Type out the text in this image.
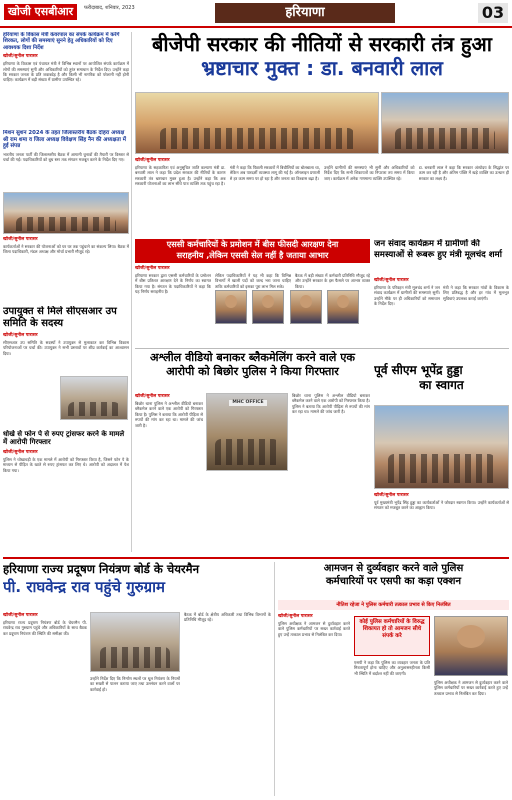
खोजी एसबीआर	फरीदाबाद, शनिवार, 2023	हरियाणा	03
हरियाणा के विकास मंत्री कंवरपाल का संपर्क कार्यक्रम में करेंगे शिरकत, लोगों की समस्याएं सुनने हेतु अधिकारियों को दिए आवश्यक दिशा निर्देश
खोजी/सुनील पाराशर
हरियाणा के विकास एवं पंचायत मंत्री ने विभिन्न स्थानों पर आयोजित संपर्क कार्यक्रम में लोगों की समस्याएं सुनीं और अधिकारियों को तुरंत समाधान के निर्देश दिए। उन्होंने कहा कि सरकार जनता के प्रति जवाबदेह है और किसी भी नागरिक को परेशानी नहीं होनी चाहिए। कार्यक्रम में बड़ी संख्या में ग्रामीण उपस्थित रहे।
मिशन सुशन 2024 के तहत जिलास्तरीय बैठक दोहरा अध्यक्ष श्री राम शमा व जिला अध्यक्ष विवेक्षण सिंह नैन की अध्यक्षता में हुई संपन्न
भारतीय जनता पार्टी की जिलास्तरीय बैठक में आगामी चुनावों की तैयारी पर विस्तार से चर्चा की गई। पदाधिकारियों को बूथ स्तर तक संगठन मजबूत करने के निर्देश दिए गए।
खोजी/सुनील पाराशर
कार्यकर्ताओं ने सरकार की योजनाओं को घर घर तक पहुंचाने का संकल्प लिया। बैठक में जिला पदाधिकारी, मंडल अध्यक्ष और मोर्चा प्रभारी मौजूद रहे।
उपायुक्त से मिले सीएसआर उप समिति के सदस्य
खोजी/सुनील पाराशर
सीएसआर उप समिति के सदस्यों ने उपायुक्त से मुलाकात कर विभिन्न विकास परियोजनाओं पर चर्चा की। उपायुक्त ने सभी प्रस्तावों पर शीघ्र कार्रवाई का आश्वासन दिया।
धोखे से फोन पे से रुपए ट्रांसफर करने के मामले में आरोपी गिरफ्तार
खोजी/सुनील पाराशर
पुलिस ने धोखाधड़ी के एक मामले में आरोपी को गिरफ्तार किया है, जिसने फोन पे के माध्यम से पीड़ित के खाते से रुपए ट्रांसफर कर लिए थे। आरोपी को अदालत में पेश किया गया।
बीजेपी सरकार की नीतियों से सरकारी तंत्र हुआ
भ्रष्टाचार मुक्त : डा. बनवारी लाल
खोजी/सुनील पाराशर
हरियाणा के सहकारिता एवं अनुसूचित जाति कल्याण मंत्री डा. बनवारी लाल ने कहा कि प्रदेश सरकार की नीतियों के कारण सरकारी तंत्र भ्रष्टाचार मुक्त हुआ है। उन्होंने कहा कि अब सरकारी योजनाओं का लाभ सीधे पात्र व्यक्ति तक पहुंच रहा है।
मंत्री ने कहा कि पिछली सरकारों में बिचौलियों का बोलबाला था, लेकिन अब पारदर्शी व्यवस्था लागू की गई है। ऑनलाइन प्रणाली से हर काम समय पर हो रहा है और जनता का विश्वास बढ़ा है।
उन्होंने ग्रामीणों की समस्याएं भी सुनीं और अधिकारियों को निर्देश दिए कि सभी शिकायतों का निपटारा तय समय में किया जाए। कार्यक्रम में अनेक गणमान्य व्यक्ति उपस्थित रहे।
डा. बनवारी लाल ने कहा कि सरकार अंत्योदय के सिद्धांत पर काम कर रही है और अंतिम पंक्ति में खड़े व्यक्ति का उत्थान ही सरकार का लक्ष्य है।
एससी कर्मचारियों के प्रमोशन में बीस फीसदी आरक्षण देना
सराहनीय ,लेकिन एससी सेल नहीं है जताया आभार
खोजी/सुनील पाराशर
हरियाणा सरकार द्वारा एससी कर्मचारियों के प्रमोशन में बीस प्रतिशत आरक्षण देने के निर्णय का स्वागत किया गया है। संगठन के पदाधिकारियों ने कहा कि यह निर्णय सराहनीय है।
लेकिन पदाधिकारियों ने यह भी कहा कि विभिन्न विभागों में खाली पदों को जल्द भरा जाना चाहिए ताकि कर्मचारियों को इसका पूरा लाभ मिल सके।
बैठक में बड़ी संख्या में कर्मचारी प्रतिनिधि मौजूद रहे और उन्होंने सरकार के इस फैसले पर आभार व्यक्त किया।
जन संवाद कार्यक्रम में ग्रामीणों की समस्याओं से रूबरू हुए मंत्री मूलचंद शर्मा
खोजी/सुनील पाराशर
हरियाणा के परिवहन मंत्री मूलचंद शर्मा ने जन संवाद कार्यक्रम में ग्रामीणों की समस्याएं सुनीं। उन्होंने मौके पर ही अधिकारियों को समाधान के निर्देश दिए।
मंत्री ने कहा कि सरकार गांवों के विकास के लिए प्रतिबद्ध है और हर गांव में मूलभूत सुविधाएं उपलब्ध कराई जाएंगी।
अश्लील वीडियो बनाकर ब्लैकमेलिंग करने वाले एक
आरोपी को बिछोर पुलिस ने किया गिरफ्तार
खोजी/सुनील पाराशर
बिछोर थाना पुलिस ने अश्लील वीडियो बनाकर ब्लैकमेल करने वाले एक आरोपी को गिरफ्तार किया है। पुलिस ने बताया कि आरोपी पीड़िता से रुपयों की मांग कर रहा था। मामले की जांच जारी है।
MHC OFFICE
बिछोर थाना पुलिस ने अश्लील वीडियो बनाकर ब्लैकमेल करने वाले एक आरोपी को गिरफ्तार किया है। पुलिस ने बताया कि आरोपी पीड़िता से रुपयों की मांग कर रहा था। मामले की जांच जारी है।
पूर्व सीएम भूपेंद्र हुड्डा
का स्वागत
खोजी/सुनील पाराशर
पूर्व मुख्यमंत्री भूपेंद्र सिंह हुड्डा का कार्यकर्ताओं ने जोरदार स्वागत किया। उन्होंने कार्यकर्ताओं से संगठन को मजबूत करने का आह्वान किया।
हरियाणा राज्य प्रदूषण नियंत्रण बोर्ड के चेयरमैन
पी. राघवेन्द्र राव पहुंचे गुरुग्राम
खोजी/सुनील पाराशर
हरियाणा राज्य प्रदूषण नियंत्रण बोर्ड के चेयरमैन पी. राघवेन्द्र राव गुरुग्राम पहुंचे और अधिकारियों के साथ बैठक कर प्रदूषण नियंत्रण की स्थिति की समीक्षा की।
उन्होंने निर्देश दिए कि निर्माण स्थलों पर धूल नियंत्रण के नियमों का सख्ती से पालन कराया जाए तथा उल्लंघन करने वालों पर कार्रवाई हो।
बैठक में बोर्ड के क्षेत्रीय अधिकारी तथा विभिन्न विभागों के प्रतिनिधि मौजूद रहे।
आमजन से दुर्व्यवहार करने वाले पुलिस
कर्मचारियों पर एसपी का कड़ा एक्शन
नीतिश रहेजा ने पुलिस कर्मचारी तत्काल प्रभाव से किए निलंबित
खोजी/सुनील पाराशर
पुलिस अधीक्षक ने आमजन से दुर्व्यवहार करने वाले पुलिस कर्मचारियों पर सख्त कार्रवाई करते हुए उन्हें तत्काल प्रभाव से निलंबित कर दिया।
कोई पुलिस कर्मचारियों के विरुद्ध शिकायत हो तो आमजन सीधे संपर्क करे
एसपी ने कहा कि पुलिस का व्यवहार जनता के प्रति मित्रतापूर्ण होना चाहिए और अनुशासनहीनता किसी भी स्थिति में बर्दाश्त नहीं की जाएगी।
पुलिस अधीक्षक ने आमजन से दुर्व्यवहार करने वाले पुलिस कर्मचारियों पर सख्त कार्रवाई करते हुए उन्हें तत्काल प्रभाव से निलंबित कर दिया।
